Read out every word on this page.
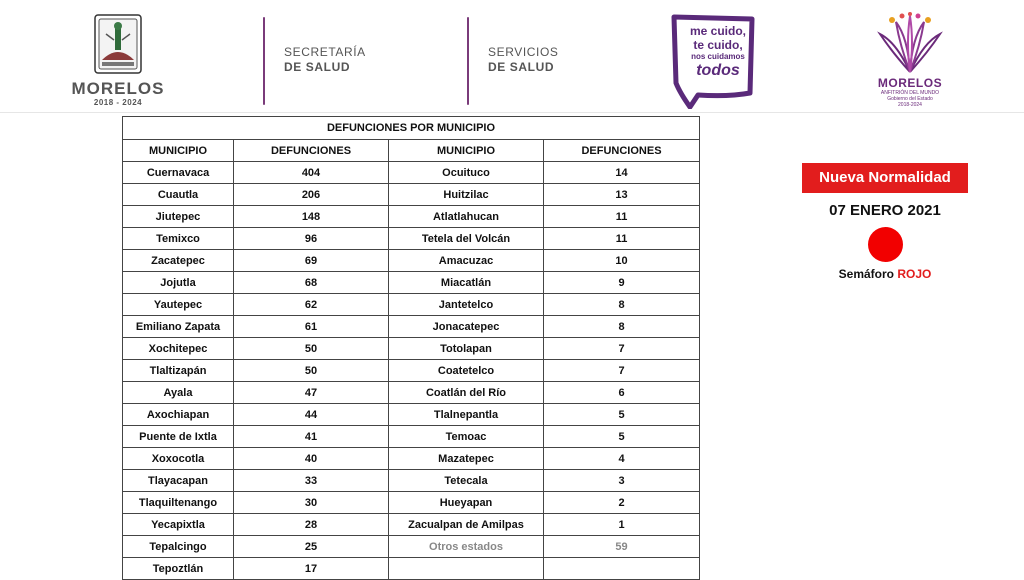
MORELOS
2018 - 2024
SECRETARÍA
DE SALUD
SERVICIOS
DE SALUD
me cuido,
te cuido,
nos cuidamos
todos
MORELOS
ANFITRIÓN DEL MUNDO
Gobierno del Estado
2018-2024
DEFUNCIONES POR MUNICIPIO			
MUNICIPIO	DEFUNCIONES	MUNICIPIO	DEFUNCIONES
Cuernavaca	404	Ocuituco	14
Cuautla	206	Huitzilac	13
Jiutepec	148	Atlatlahucan	11
Temixco	96	Tetela del Volcán	11
Zacatepec	69	Amacuzac	10
Jojutla	68	Miacatlán	9
Yautepec	62	Jantetelco	8
Emiliano Zapata	61	Jonacatepec	8
Xochitepec	50	Totolapan	7
Tlaltizapán	50	Coatetelco	7
Ayala	47	Coatlán del Río	6
Axochiapan	44	Tlalnepantla	5
Puente de Ixtla	41	Temoac	5
Xoxocotla	40	Mazatepec	4
Tlayacapan	33	Tetecala	3
Tlaquiltenango	30	Hueyapan	2
Yecapixtla	28	Zacualpan de Amilpas	1
Tepalcingo	25	Otros estados	59
Tepoztlán	17		
Nueva Normalidad
07 ENERO 2021
Semáforo ROJO
